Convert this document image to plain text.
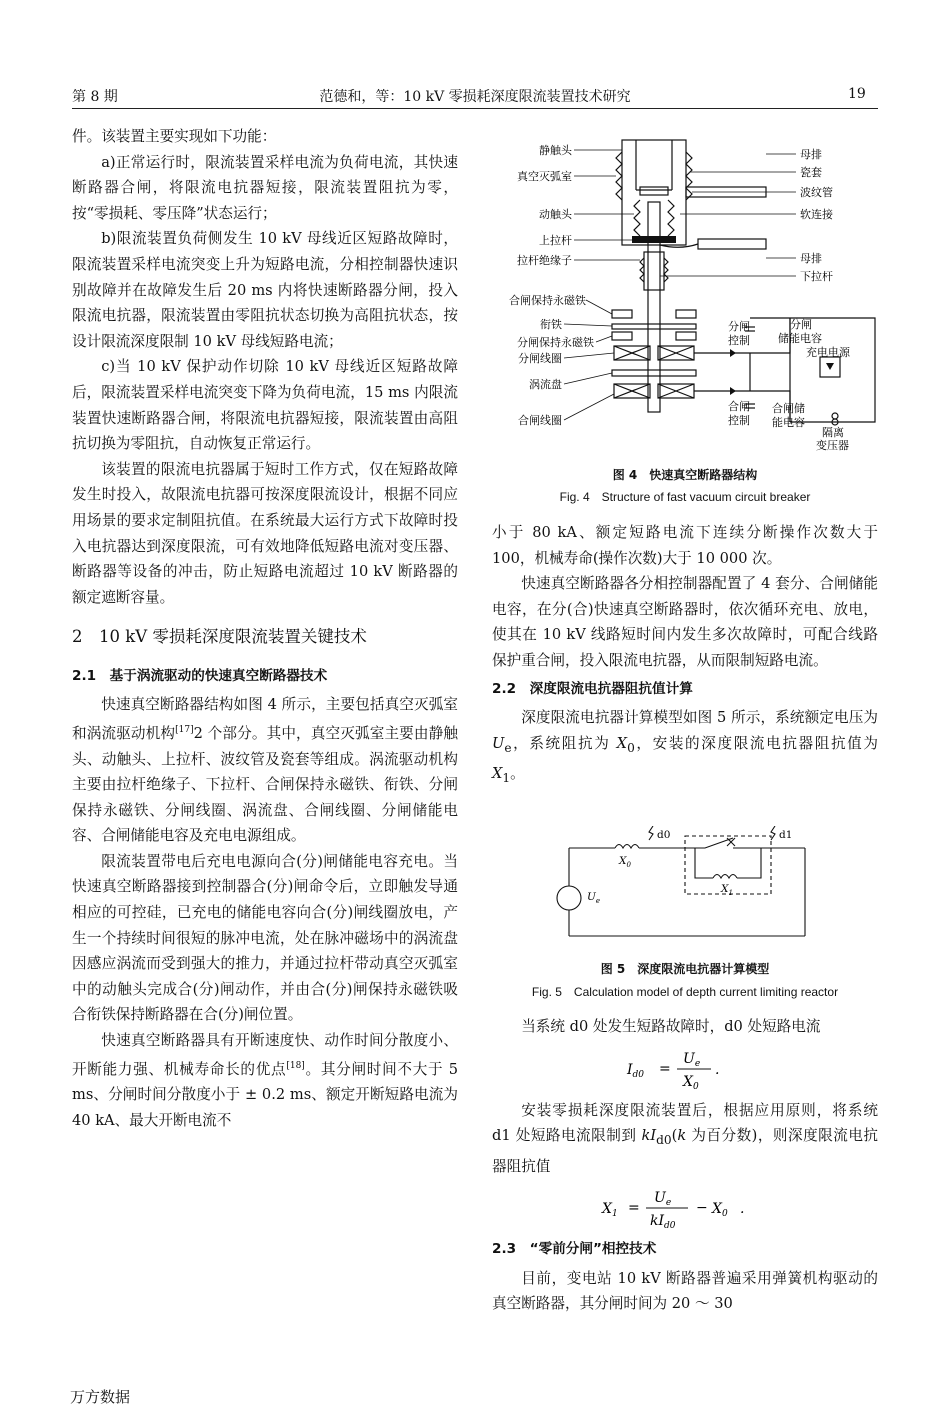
第 8 期	范德和，等：10 kV 零损耗深度限流装置技术研究	19

件。该装置主要实现如下功能：

a)正常运行时，限流装置采样电流为负荷电流，其快速断路器合闸，将限流电抗器短接，限流装置阻抗为零，按“零损耗、零压降”状态运行；

b)限流装置负荷侧发生 10 kV 母线近区短路故障时，限流装置采样电流突变上升为短路电流，分相控制器快速识别故障并在故障发生后 20 ms 内将快速断路器分闸，投入限流电抗器，限流装置由零阻抗状态切换为高阻抗状态，按设计限流深度限制 10 kV 母线短路电流；

c)当 10 kV 保护动作切除 10 kV 母线近区短路故障后，限流装置采样电流突变下降为负荷电流，15 ms 内限流装置快速断路器合闸，将限流电抗器短接，限流装置由高阻抗切换为零阻抗，自动恢复正常运行。

该装置的限流电抗器属于短时工作方式，仅在短路故障发生时投入，故限流电抗器可按深度限流设计，根据不同应用场景的要求定制阻抗值。在系统最大运行方式下故障时投入电抗器达到深度限流，可有效地降低短路电流对变压器、断路器等设备的冲击，防止短路电流超过 10 kV 断路器的额定遮断容量。

2　10 kV 零损耗深度限流装置关键技术

2.1　基于涡流驱动的快速真空断路器技术

快速真空断路器结构如图 4 所示，主要包括真空灭弧室和涡流驱动机构[17]2 个部分。其中，真空灭弧室主要由静触头、动触头、上拉杆、波纹管及瓷套等组成。涡流驱动机构主要由拉杆绝缘子、下拉杆、合闸保持永磁铁、衔铁、分闸保持永磁铁、分闸线圈、涡流盘、合闸线圈、分闸储能电容、合闸储能电容及充电电源组成。

限流装置带电后充电电源向合(分)闸储能电容充电。当快速真空断路器接到控制器合(分)闸命令后，立即触发导通相应的可控硅，已充电的储能电容向合(分)闸线圈放电，产生一个持续时间很短的脉冲电流，处在脉冲磁场中的涡流盘因感应涡流而受到强大的推力，并通过拉杆带动真空灭弧室中的动触头完成合(分)闸动作，并由合(分)闸保持永磁铁吸合衔铁保持断路器在合(分)闸位置。

快速真空断路器具有开断速度快、动作时间分散度小、开断能力强、机械寿命长的优点[18]。其分闸时间不大于 5 ms、分闸时间分散度小于 ± 0.2 ms、额定开断短路电流为 40 kA、最大开断电流不

静触头
真空灭弧室
动触头
上拉杆
拉杆绝缘子
合闸保持永磁铁
衔铁
分闸保持永磁铁
分闸线圈
涡流盘
合闸线圈
母排
瓷套
波纹管
软连接
母排
下拉杆
分闸
控制
合闸
控制
分闸
储能电容
合闸储
能电容
充电电源
隔离
变压器
图 4　快速真空断路器结构
Fig. 4　Structure of fast vacuum circuit breaker

小于 80 kA、额定短路电流下连续分断操作次数大于 100，机械寿命(操作次数)大于 10 000 次。

快速真空断路器各分相控制器配置了 4 套分、合闸储能电容，在分(合)快速真空断路器时，依次循环充电、放电，使其在 10 kV 线路短时间内发生多次故障时，可配合线路保护重合闸，投入限流电抗器，从而限制短路电流。

2.2　深度限流电抗器阻抗值计算

深度限流电抗器计算模型如图 5 所示，系统额定电压为 $U_e$，系统阻抗为 $X_0$，安装的深度限流电抗器阻抗值为 $X_1$。

d0	d1
$X_0$
$X_1$
$U_e$
图 5　深度限流电抗器计算模型
Fig. 5　Calculation model of depth current limiting reactor

当系统 d0 处发生短路故障时，d0 处短路电流

$I_{d0}$ =
$U_e$
$X_0$
.

安装零损耗深度限流装置后，根据应用原则，将系统 d1 处短路电流限制到 $kI_{d0}(k$ 为百分数)，则深度限流电抗器阻抗值

$X_1$ =
$U_e$
$kI_{d0}$
− $X_0$ .

2.3　“零前分闸”相控技术

目前，变电站 10 kV 断路器普遍采用弹簧机构驱动的真空断路器，其分闸时间为 20 ～ 30

万方数据
